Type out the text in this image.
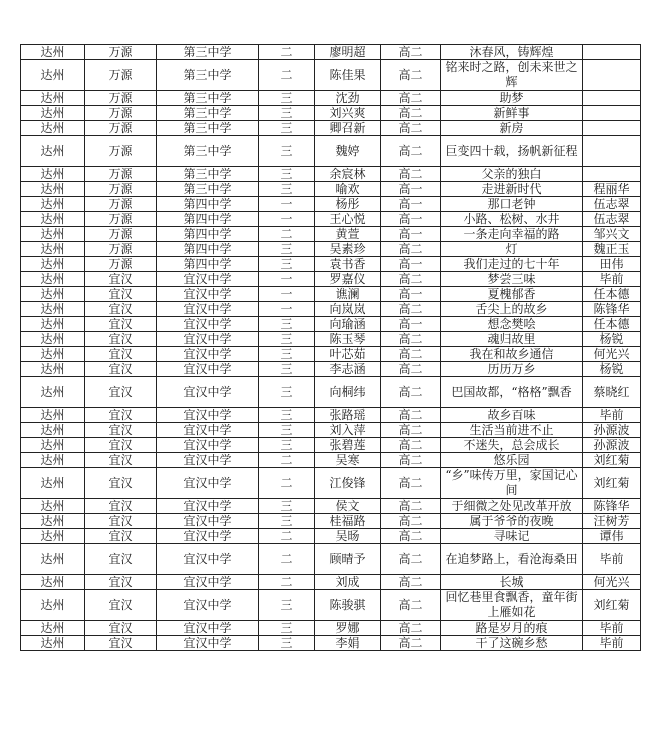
达州	万源	第三中学	二	廖明超	高二	沐春风，铸辉煌	
达州	万源	第三中学	二	陈佳果	高二	铭来时之路，创未来世之辉	
达州	万源	第三中学	三	沈劲	高二	助梦	
达州	万源	第三中学	三	刘兴爽	高二	新鲜事	
达州	万源	第三中学	三	卿召新	高二	新房	
达州	万源	第三中学	三	魏婷	高二	巨变四十载，扬帆新征程	
达州	万源	第三中学	三	余宸林	高二	父亲的独白	
达州	万源	第三中学	三	喻欢	高一	走进新时代	程丽华
达州	万源	第四中学	一	杨彤	高一	那口老钟	伍志翠
达州	万源	第四中学	一	王心悦	高一	小路、松树、水井	伍志翠
达州	万源	第四中学	二	黄萱	高一	一条走向幸福的路	邹兴文
达州	万源	第四中学	三	吴素珍	高二	灯	魏正玉
达州	万源	第四中学	三	袁书香	高一	我们走过的七十年	田伟
达州	宜汉	宜汉中学	一	罗嘉仪	高二	梦尝三味	毕前
达州	宜汉	宜汉中学	一	谯澜	高一	夏槐郁香	任本德
达州	宜汉	宜汉中学	一	向岚岚	高二	舌尖上的故乡	陈锋华
达州	宜汉	宜汉中学	三	向瑜涵	高一	想念樊哙	任本德
达州	宜汉	宜汉中学	三	陈玉琴	高二	魂归故里	杨锐
达州	宜汉	宜汉中学	三	叶芯茹	高二	我在和故乡通信	何光兴
达州	宜汉	宜汉中学	三	李志涵	高二	历历万乡	杨锐
达州	宜汉	宜汉中学	三	向桐纬	高二	巴国故都，“格格”飘香	蔡晓红
达州	宜汉	宜汉中学	三	张路瑶	高二	故乡百味	毕前
达州	宜汉	宜汉中学	三	刘入萍	高二	生活当前进不止	孙源波
达州	宜汉	宜汉中学	三	张碧莲	高二	不迷失，总会成长	孙源波
达州	宜汉	宜汉中学	二	吴寒	高二	悠乐园	刘红菊
达州	宜汉	宜汉中学	二	江俊锋	高二	“乡”味传万里，家国记心间	刘红菊
达州	宜汉	宜汉中学	三	侯文	高二	于细微之处见改革开放	陈锋华
达州	宜汉	宜汉中学	三	桂福路	高二	属于爷爷的夜晚	汪树芳
达州	宜汉	宜汉中学	二	吴旸	高二	寻味记	谭伟
达州	宜汉	宜汉中学	二	顾晴予	高二	在追梦路上，看沧海桑田	毕前
达州	宜汉	宜汉中学	二	刘成	高二	长城	何光兴
达州	宜汉	宜汉中学	三	陈骏骐	高二	回忆巷里食飘香，童年街上雁如花	刘红菊
达州	宜汉	宜汉中学	三	罗娜	高二	路是岁月的痕	毕前
达州	宜汉	宜汉中学	三	李娟	高二	干了这碗乡愁	毕前
